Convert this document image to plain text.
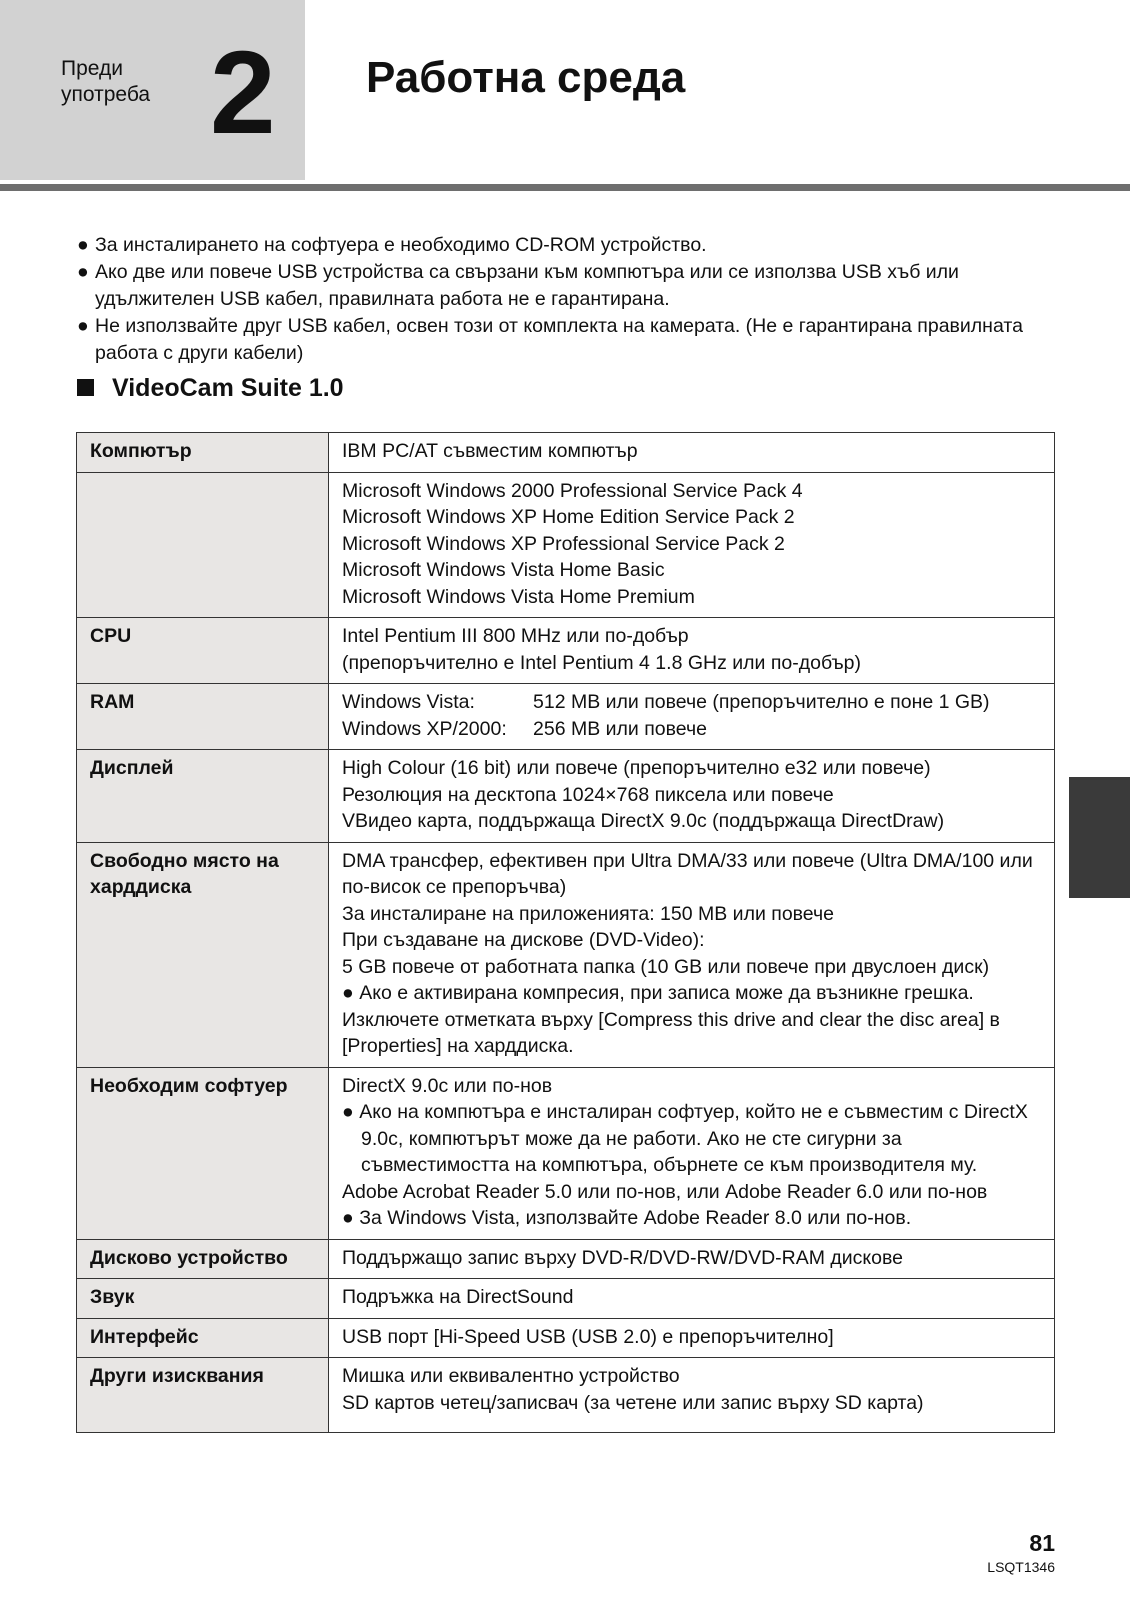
Преди
употреба 2 Работна среда
● За инсталирането на софтуера е необходимо CD-ROM устройство.
● Ако две или повече USB устройства са свързани към компютъра или се използва USB хъб или удължителен USB кабел, правилната работа не е гарантирана.
● Не използвайте друг USB кабел, освен този от комплекта на камерата. (Не е гарантирана правилната работа с други кабели)
VideoCam Suite 1.0
Компютър	IBM PC/AT съвместим компютър

	Microsoft Windows 2000 Professional Service Pack 4
Microsoft Windows XP Home Edition Service Pack 2
Microsoft Windows XP Professional Service Pack 2
Microsoft Windows Vista Home Basic
Microsoft Windows Vista Home Premium

CPU	Intel Pentium III 800 MHz или по-добър
(препоръчително е Intel Pentium 4 1.8 GHz или по-добър)

RAM	Windows Vista: 512 MB или повече (препоръчително е поне 1 GB)
Windows XP/2000: 256 MB или повече

Дисплей	High Colour (16 bit) или повече (препоръчително е32 или повече)
Резолюция на десктопа 1024×768 пиксела или повече
VВидео карта, поддържаща DirectX 9.0c (поддържаща DirectDraw)

Свободно място на харддиска	DMA трансфер, ефективен при Ultra DMA/33 или повече (Ultra DMA/100 или по-висок се препоръчва)
За инсталиране на приложенията: 150 MB или повече
При създаване на дискове (DVD-Video):
5 GB повече от работната папка (10 GB или повече при двуслоен диск)
● Ако е активирана компресия, при записа може да възникне грешка. Изключете отметката върху [Compress this drive and clear the disc area] в [Properties] на харддиска.

Необходим софтуер	DirectX 9.0c или по-нов
● Ако на компютъра е инсталиран софтуер, който не е съвместим с DirectX 9.0c, компютърът може да не работи. Ако не сте сигурни за съвместимостта на компютъра, обърнете се към производителя му.
Adobe Acrobat Reader 5.0 или по-нов, или Adobe Reader 6.0 или по-нов
● За Windows Vista, използвайте Adobe Reader 8.0 или по-нов.

Дисково устройство	Поддържащо запис върху DVD-R/DVD-RW/DVD-RAM дискове
Звук	Подръжка на DirectSound
Интерфейс	USB порт [Hi-Speed USB (USB 2.0) е препоръчително]
Други изисквания	Мишка или еквивалентно устройство
SD картов четец/записвач (за четене или запис върху SD карта)
81
LSQT1346
